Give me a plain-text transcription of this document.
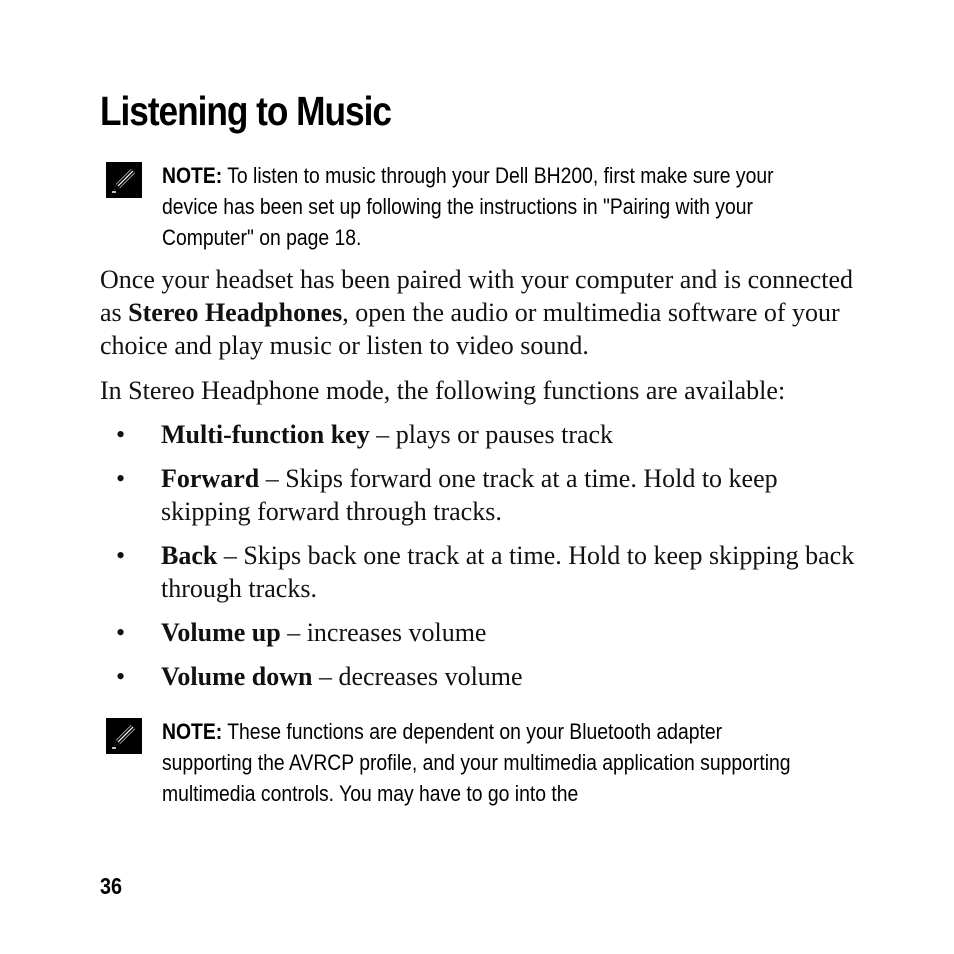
Listening to Music
NOTE: To listen to music through your Dell BH200, first make sure your device has been set up following the instructions in "Pairing with your Computer" on page 18.

Once your headset has been paired with your computer and is connected as Stereo Headphones, open the audio or multimedia software of your choice and play music or listen to video sound.

In Stereo Headphone mode, the following functions are available:

• Multi-function key – plays or pauses track
• Forward – Skips forward one track at a time. Hold to keep skipping forward through tracks.
• Back – Skips back one track at a time. Hold to keep skipping back through tracks.
• Volume up – increases volume
• Volume down – decreases volume
NOTE: These functions are dependent on your Bluetooth adapter supporting the AVRCP profile, and your multimedia application supporting multimedia controls. You may have to go into the
36
